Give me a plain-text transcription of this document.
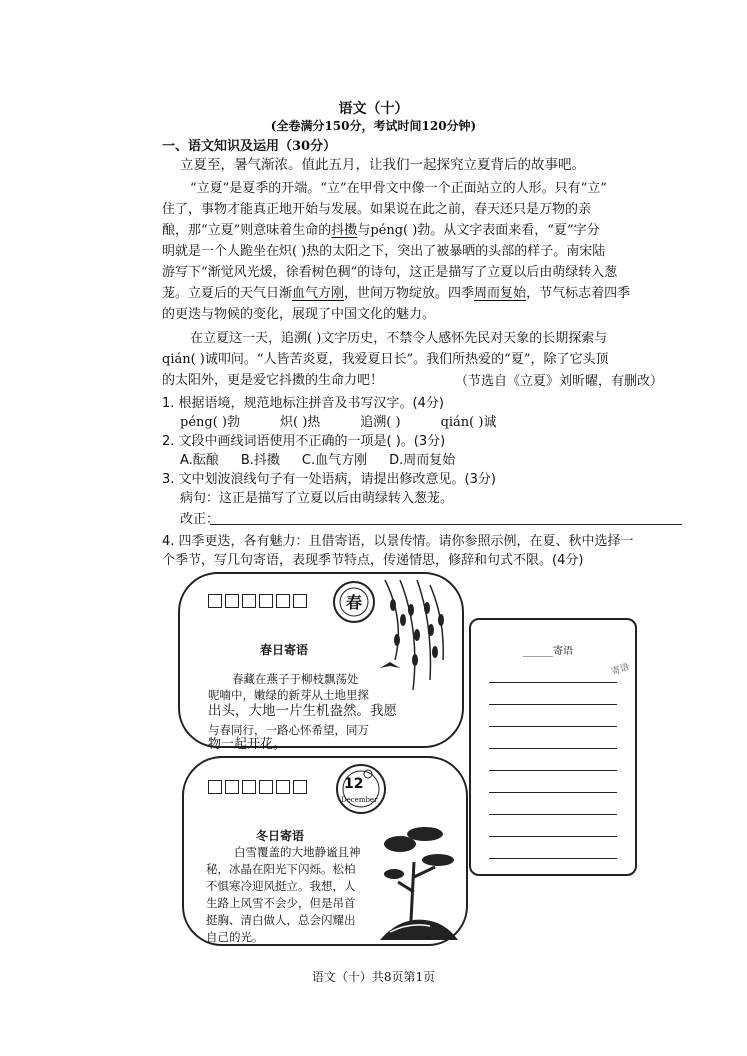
语文（十）
(全卷满分150分，考试时间120分钟)
一、语文知识及运用（30分）
立夏至，暑气渐浓。值此五月，让我们一起探究立夏背后的故事吧。
“立夏”是夏季的开端。“立”在甲骨文中像一个正面站立的人形。只有“立”
住了，事物才能真正地开始与发展。如果说在此之前，春天还只是万物的亲
酿，那“立夏”则意味着生命的抖擞与péng( )勃。从文字表面来看，“夏”字分
明就是一个人跪坐在炽( )热的太阳之下，突出了被暴晒的头部的样子。南宋陆
游写下“渐觉风光煖，徐看树色稠”的诗句，这正是描写了立夏以后由萌绿转入葱
茏。立夏后的天气日渐血气方刚，世间万物绽放。四季周而复始，节气标志着四季
的更迭与物候的变化，展现了中国文化的魅力。
在立夏这一天，追溯( )文字历史，不禁令人感怀先民对天象的长期探索与
qián( )诚叩问。“人皆苦炎夏，我爱夏日长”。我们所热爱的“夏”，除了它头顶
的太阳外，更是爱它抖擞的生命力吧！	（节选自《立夏》刘昕曜，有删改）
1. 根据语境，规范地标注拼音及书写汉字。(4分)
péng( )勃	炽( )热	追溯( )	qián( )诚
2. 文段中画线词语使用不正确的一项是( )。(3分)
A.酝酿 B.抖擞 C.血气方刚 D.周而复始
3. 文中划波浪线句子有一处语病，请提出修改意见。(3分)
病句：这正是描写了立夏以后由萌绿转入葱茏。
改正：
4. 四季更迭，各有魅力：且借寄语，以景传情。请你参照示例，在夏、秋中选择一
个季节，写几句寄语，表现季节特点，传递情思，修辞和句式不限。(4分)
春
春日寄语
春藏在燕子于柳枝飘荡处
呢喃中，嫩绿的新芽从土地里探
出头，大地一片生机盎然。我愿
与春同行，一路心怀希望，同万
物一起开花。
12
December
冬日寄语
白雪覆盖的大地静谧且神
秘，冰晶在阳光下闪烁。松柏
不惧寒冷迎风挺立。我想，人
生路上风雪不会少，但是吊首
挺胸、清白做人，总会闪耀出
自己的光。
______寄语
寄语
语文（十）共8页第1页
